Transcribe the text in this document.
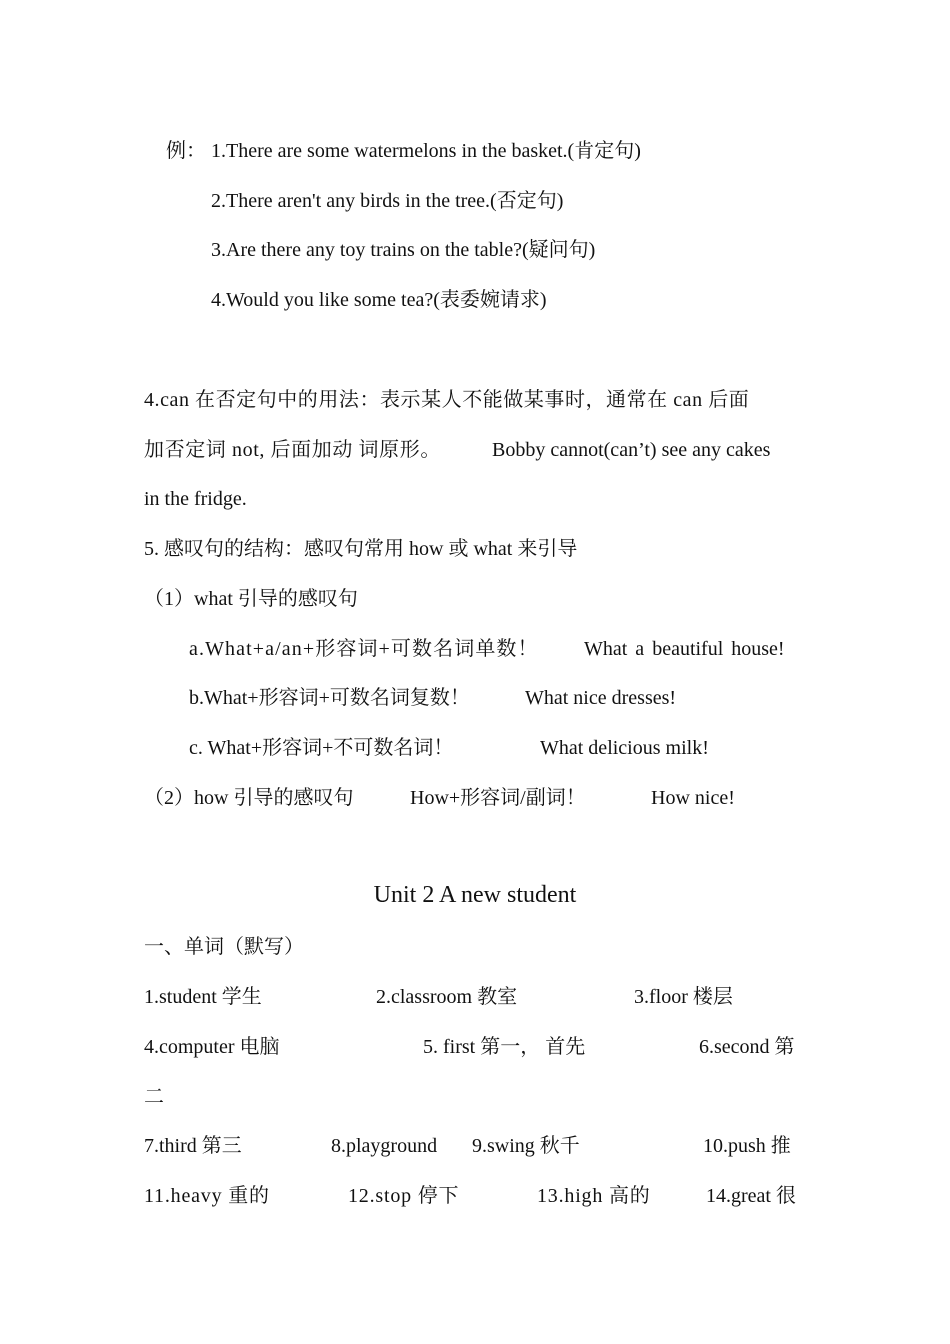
例： 1.There are some watermelons in the basket.(肯定句)
2.There aren't any birds in the tree.(否定句)
3.Are there any toy trains on the table?(疑问句)
4.Would you like some tea?(表委婉请求)
4.can 在否定句中的用法：表示某人不能做某事时，通常在 can 后面
加否定词 not, 后面加动 词原形。	Bobby cannot(can’t) see any cakes
in the fridge.
5. 感叹句的结构：感叹句常用 how 或 what 来引导
（1）what 引导的感叹句
a.What+a/an+形容词+可数名词单数！ What a beautiful house!
b.What+形容词+可数名词复数！	What nice dresses!
c. What+形容词+不可数名词！	What delicious milk!
（2）how 引导的感叹句	How+形容词/副词！	How nice!
Unit 2 A new student
一、单词（默写）
1.student 学生	2.classroom 教室	3.floor 楼层
4.computer 电脑	5. first 第一， 首先	6.second 第
二
7.third 第三	8.playground 9.swing 秋千	10.push 推
11.heavy 重的	12.stop 停下	13.high 高的	14.great 很
